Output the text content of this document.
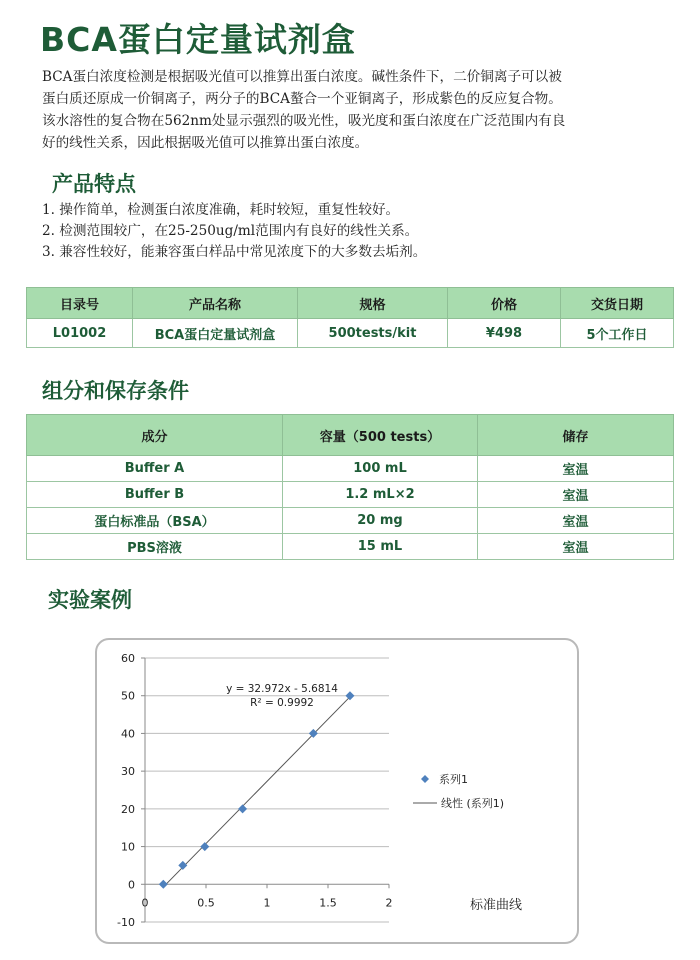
BCA蛋白定量试剂盒
BCA蛋白浓度检测是根据吸光值可以推算出蛋白浓度。碱性条件下，二价铜离子可以被
蛋白质还原成一价铜离子，两分子的BCA螯合一个亚铜离子，形成紫色的反应复合物。
该水溶性的复合物在562nm处显示强烈的吸光性，吸光度和蛋白浓度在广泛范围内有良
好的线性关系，因此根据吸光值可以推算出蛋白浓度。
产品特点
1. 操作简单，检测蛋白浓度准确，耗时较短，重复性较好。
2. 检测范围较广，在25-250ug/ml范围内有良好的线性关系。
3. 兼容性较好，能兼容蛋白样品中常见浓度下的大多数去垢剂。
目录号	产品名称	规格	价格	交货日期
L01002	BCA蛋白定量试剂盒	500tests/kit	¥498	5个工作日
组分和保存条件
成分	容量（500 tests）	储存
Buffer A	100 mL	室温
Buffer B	1.2 mL×2	室温
蛋白标准品（BSA）	20 mg	室温
PBS溶液	15 mL	室温
实验案例
-10
0
10
20
30
40
50
60
0	0.5	1	1.5	2
y = 32.972x - 5.6814
R² = 0.9992
系列1
线性 (系列1)
标准曲线
